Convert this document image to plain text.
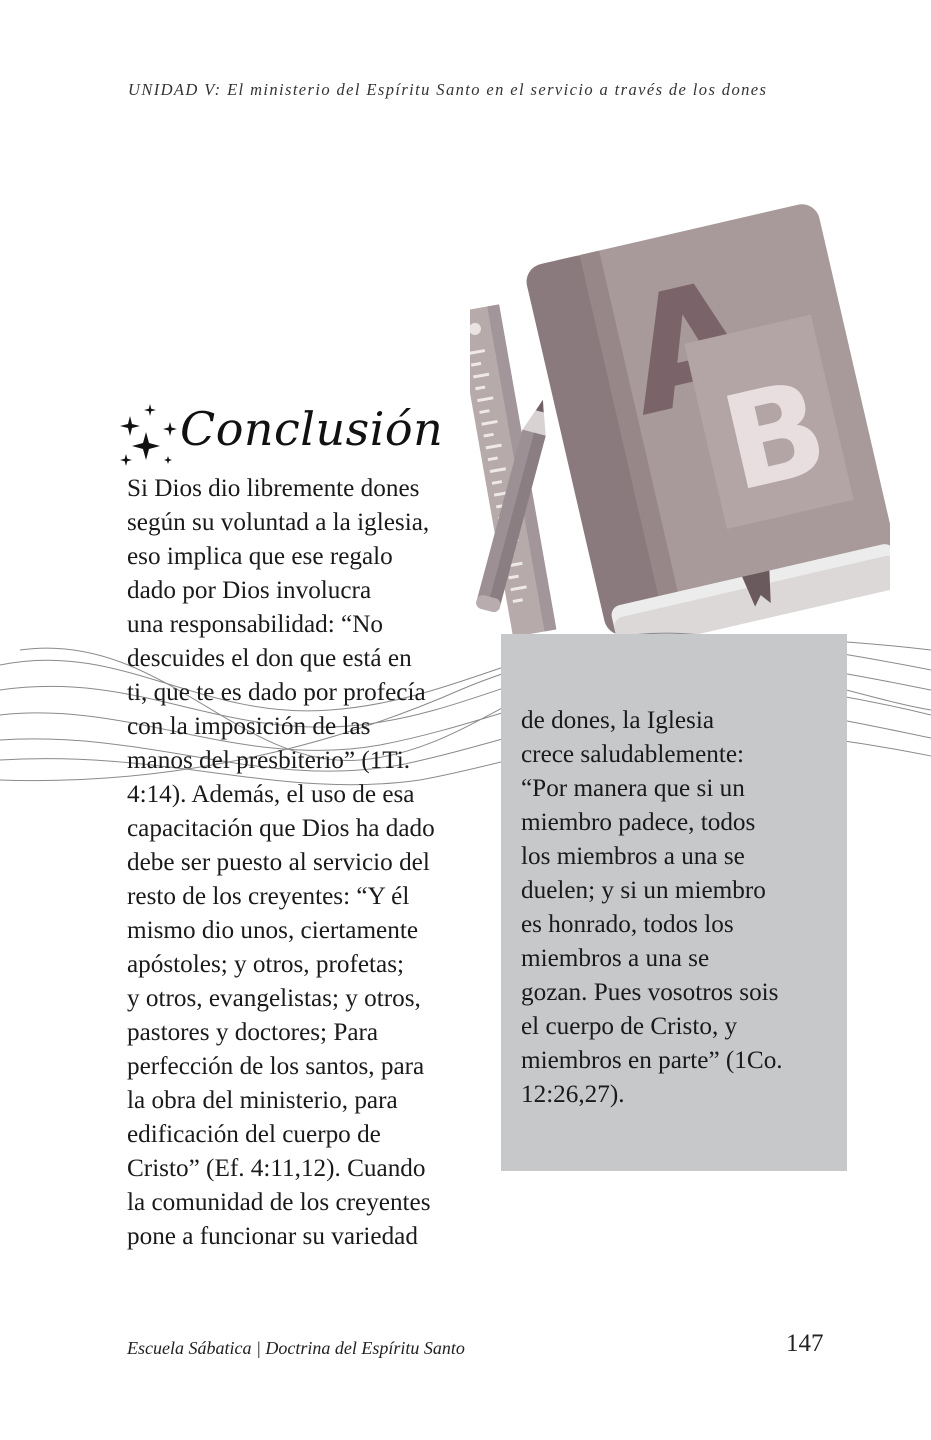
UNIDAD V: El ministerio del Espíritu Santo en el servicio a través de los dones
B
Conclusión
Si Dios dio libremente dones
según su voluntad a la iglesia,
eso implica que ese regalo
dado por Dios involucra
una responsabilidad: “No
descuides el don que está en
ti, que te es dado por profecía
con la imposición de las
manos del presbiterio” (1Ti.
4:14). Además, el uso de esa
capacitación que Dios ha dado
debe ser puesto al servicio del
resto de los creyentes: “Y él
mismo dio unos, ciertamente
apóstoles; y otros, profetas;
y otros, evangelistas; y otros,
pastores y doctores; Para
perfección de los santos, para
la obra del ministerio, para
edificación del cuerpo de
Cristo” (Ef. 4:11,12). Cuando
la comunidad de los creyentes
pone a funcionar su variedad
de dones, la Iglesia
crece saludablemente:
“Por manera que si un
miembro padece, todos
los miembros a una se
duelen; y si un miembro
es honrado, todos los
miembros a una se
gozan. Pues vosotros sois
el cuerpo de Cristo, y
miembros en parte” (1Co.
12:26,27).
Escuela Sábatica | Doctrina del Espíritu Santo	147
